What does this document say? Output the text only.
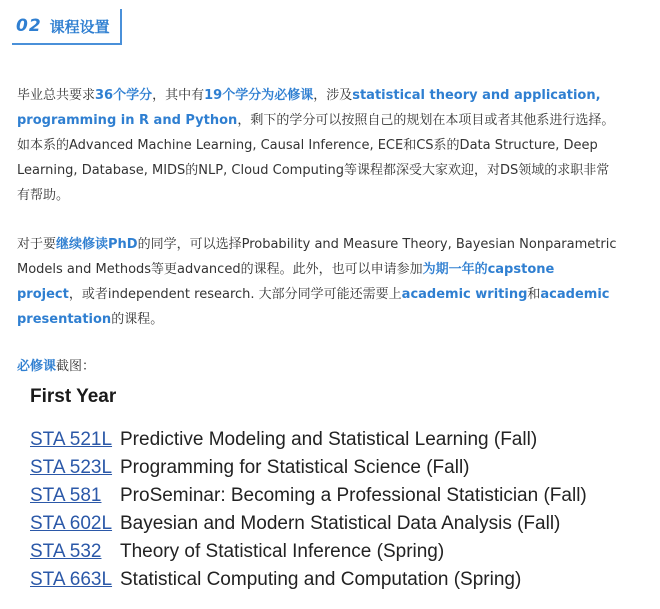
02 课程设置

毕业总共要求36个学分，其中有19个学分为必修课，涉及statistical theory and application, programming in R and Python，剩下的学分可以按照自己的规划在本项目或者其他系进行选择。如本系的Advanced Machine Learning, Causal Inference, ECE和CS系的Data Structure, Deep Learning, Database, MIDS的NLP, Cloud Computing等课程都深受大家欢迎，对DS领域的求职非常有帮助。

对于要继续修读PhD的同学，可以选择Probability and Measure Theory, Bayesian Nonparametric Models and Methods等更advanced的课程。此外，也可以申请参加为期一年的capstone project，或者independent research. 大部分同学可能还需要上academic writing和academic presentation的课程。

必修课截图：

First Year
STA 521L Predictive Modeling and Statistical Learning (Fall)
STA 523L Programming for Statistical Science (Fall)
STA 581 ProSeminar: Becoming a Professional Statistician (Fall)
STA 602L Bayesian and Modern Statistical Data Analysis (Fall)
STA 532 Theory of Statistical Inference (Spring)
STA 663L Statistical Computing and Computation (Spring)
